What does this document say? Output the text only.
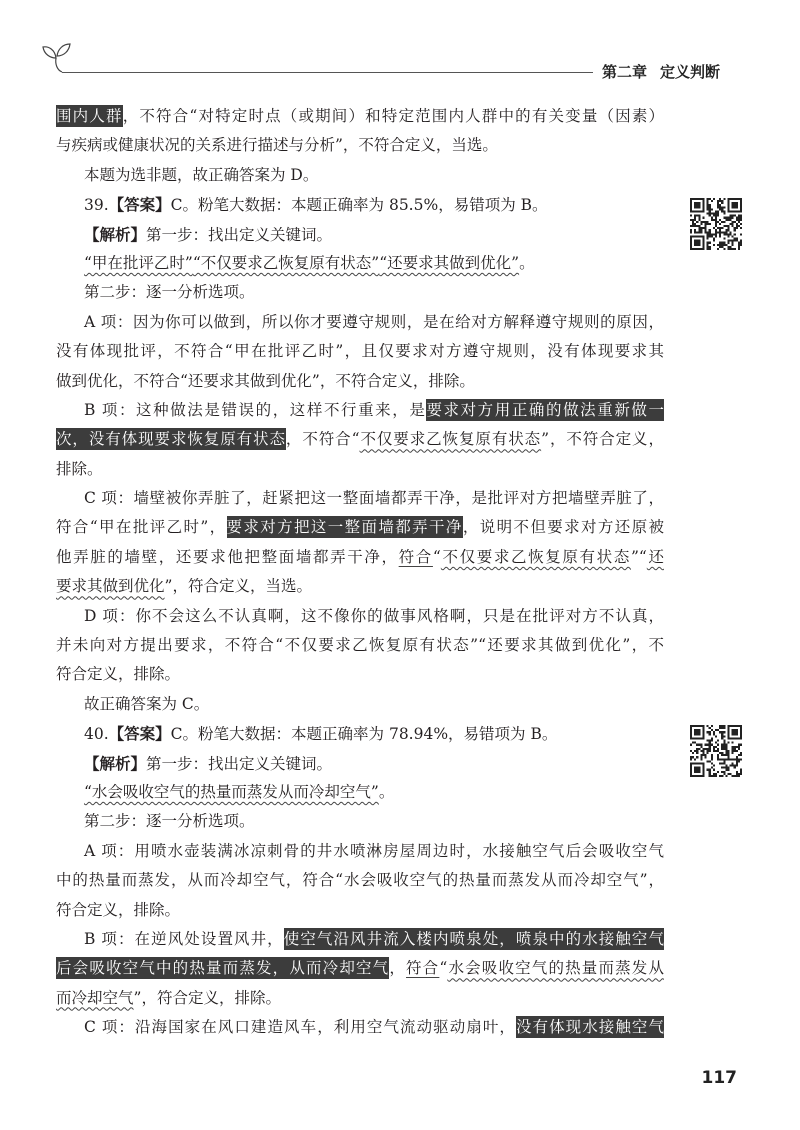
第二章 定义判断
围内人群，不符合“对特定时点（或期间）和特定范围内人群中的有关变量（因素）
与疾病或健康状况的关系进行描述与分析”，不符合定义，当选。
本题为选非题，故正确答案为 D。
39.【答案】C。粉笔大数据：本题正确率为 85.5%，易错项为 B。
【解析】第一步：找出定义关键词。
“甲在批评乙时”“不仅要求乙恢复原有状态”“还要求其做到优化”。
第二步：逐一分析选项。
A 项：因为你可以做到，所以你才要遵守规则，是在给对方解释遵守规则的原因，
没有体现批评，不符合“甲在批评乙时”，且仅要求对方遵守规则，没有体现要求其
做到优化，不符合“还要求其做到优化”，不符合定义，排除。
B 项：这种做法是错误的，这样不行重来，是要求对方用正确的做法重新做一
次，没有体现要求恢复原有状态，不符合“不仅要求乙恢复原有状态”，不符合定义，
排除。
C 项：墙壁被你弄脏了，赶紧把这一整面墙都弄干净，是批评对方把墙壁弄脏了，
符合“甲在批评乙时”，要求对方把这一整面墙都弄干净，说明不但要求对方还原被
他弄脏的墙壁，还要求他把整面墙都弄干净，符合“不仅要求乙恢复原有状态”“还
要求其做到优化”，符合定义，当选。
D 项：你不会这么不认真啊，这不像你的做事风格啊，只是在批评对方不认真，
并未向对方提出要求，不符合“不仅要求乙恢复原有状态”“还要求其做到优化”，不
符合定义，排除。
故正确答案为 C。
40.【答案】C。粉笔大数据：本题正确率为 78.94%，易错项为 B。
【解析】第一步：找出定义关键词。
“水会吸收空气的热量而蒸发从而冷却空气”。
第二步：逐一分析选项。
A 项：用喷水壶装满冰凉刺骨的井水喷淋房屋周边时，水接触空气后会吸收空气
中的热量而蒸发，从而冷却空气，符合“水会吸收空气的热量而蒸发从而冷却空气”，
符合定义，排除。
B 项：在逆风处设置风井，使空气沿风井流入楼内喷泉处，喷泉中的水接触空气
后会吸收空气中的热量而蒸发，从而冷却空气，符合“水会吸收空气的热量而蒸发从
而冷却空气”，符合定义，排除。
C 项：沿海国家在风口建造风车，利用空气流动驱动扇叶，没有体现水接触空气
117
